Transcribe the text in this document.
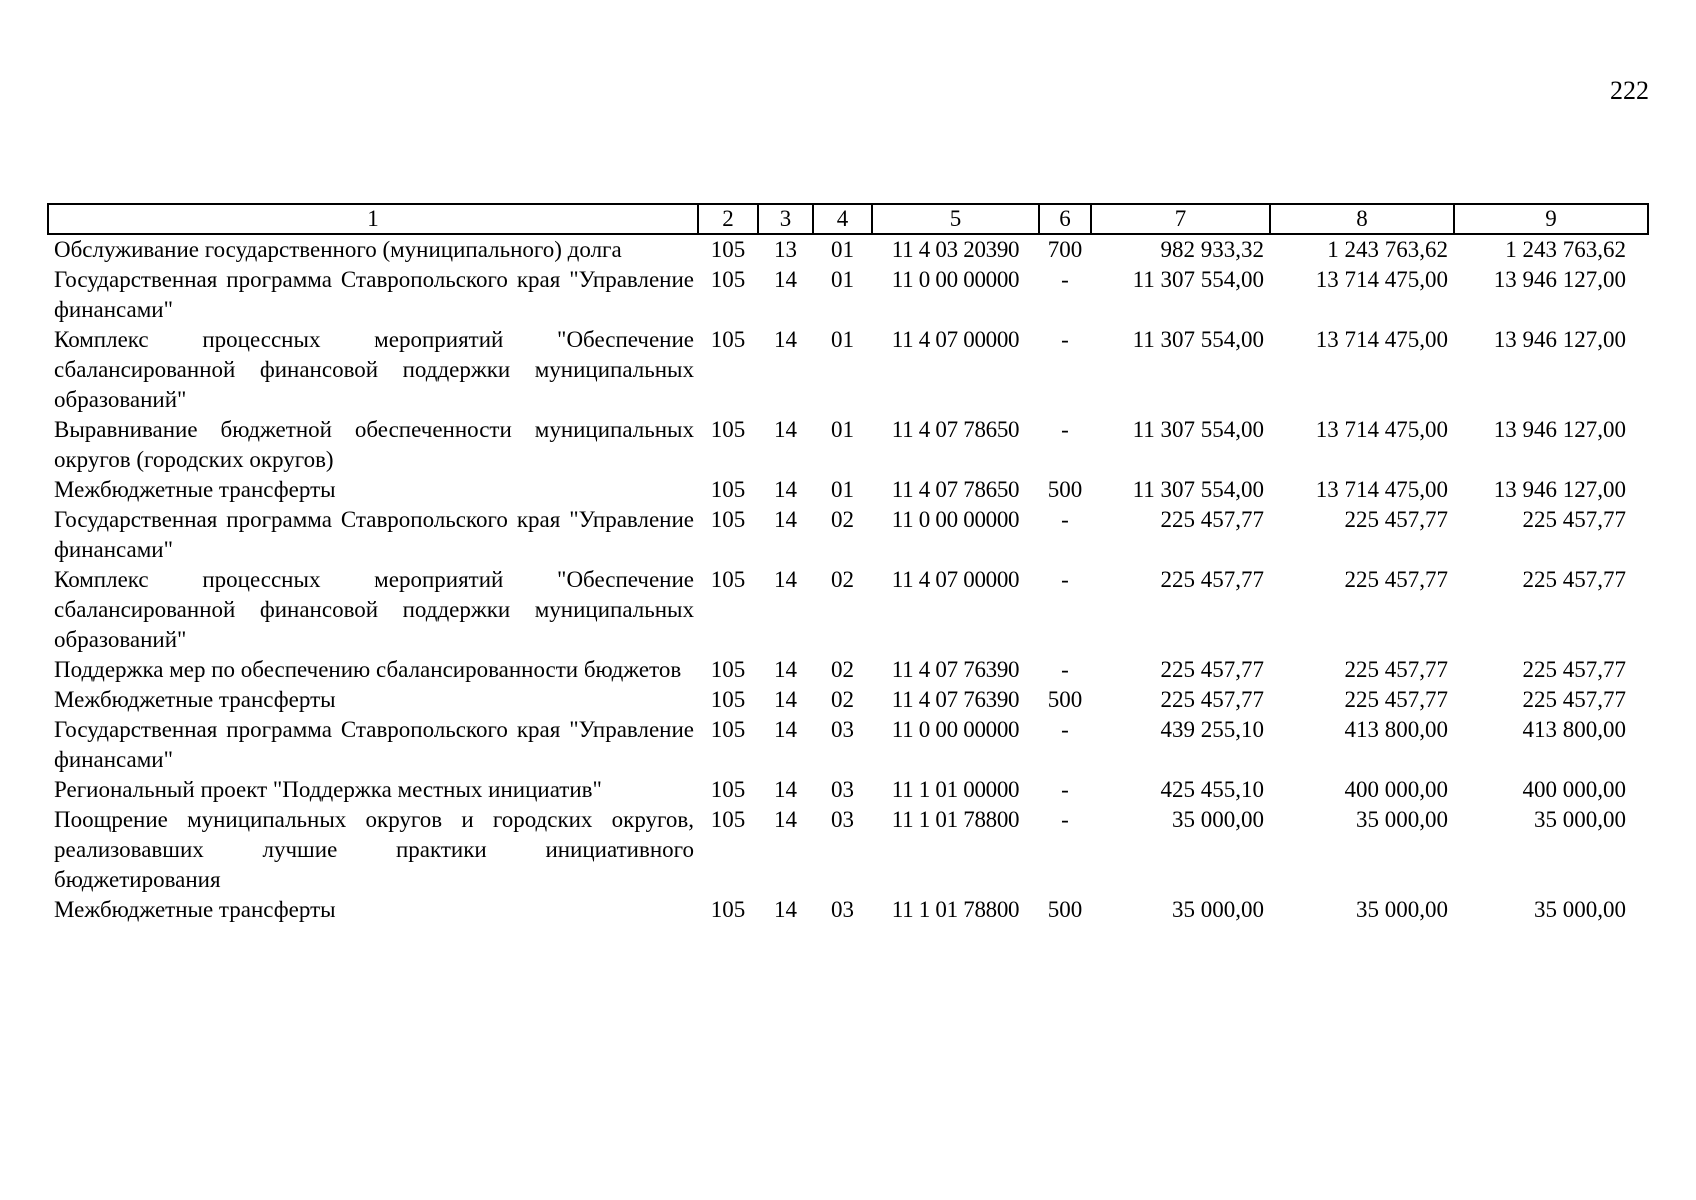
222
1	2	3	4	5	6	7	8	9
Обслуживание государственного (муниципального) долга	105	13	01	11 4 03 20390	700	982 933,32	1 243 763,62	1 243 763,62
Государственная программа Ставропольского края "Управление финансами"	105	14	01	11 0 00 00000	-	11 307 554,00	13 714 475,00	13 946 127,00
Комплекс процессных мероприятий "Обеспечение сбалансированной финансовой поддержки муниципальных образований"	105	14	01	11 4 07 00000	-	11 307 554,00	13 714 475,00	13 946 127,00
Выравнивание бюджетной обеспеченности муниципальных округов (городских округов)	105	14	01	11 4 07 78650	-	11 307 554,00	13 714 475,00	13 946 127,00
Межбюджетные трансферты	105	14	01	11 4 07 78650	500	11 307 554,00	13 714 475,00	13 946 127,00
Государственная программа Ставропольского края "Управление финансами"	105	14	02	11 0 00 00000	-	225 457,77	225 457,77	225 457,77
Комплекс процессных мероприятий "Обеспечение сбалансированной финансовой поддержки муниципальных образований"	105	14	02	11 4 07 00000	-	225 457,77	225 457,77	225 457,77
Поддержка мер по обеспечению сбалансированности бюджетов	105	14	02	11 4 07 76390	-	225 457,77	225 457,77	225 457,77
Межбюджетные трансферты	105	14	02	11 4 07 76390	500	225 457,77	225 457,77	225 457,77
Государственная программа Ставропольского края "Управление финансами"	105	14	03	11 0 00 00000	-	439 255,10	413 800,00	413 800,00
Региональный проект "Поддержка местных инициатив"	105	14	03	11 1 01 00000	-	425 455,10	400 000,00	400 000,00
Поощрение муниципальных округов и городских округов, реализовавших лучшие практики инициативного бюджетирования	105	14	03	11 1 01 78800	-	35 000,00	35 000,00	35 000,00
Межбюджетные трансферты	105	14	03	11 1 01 78800	500	35 000,00	35 000,00	35 000,00
